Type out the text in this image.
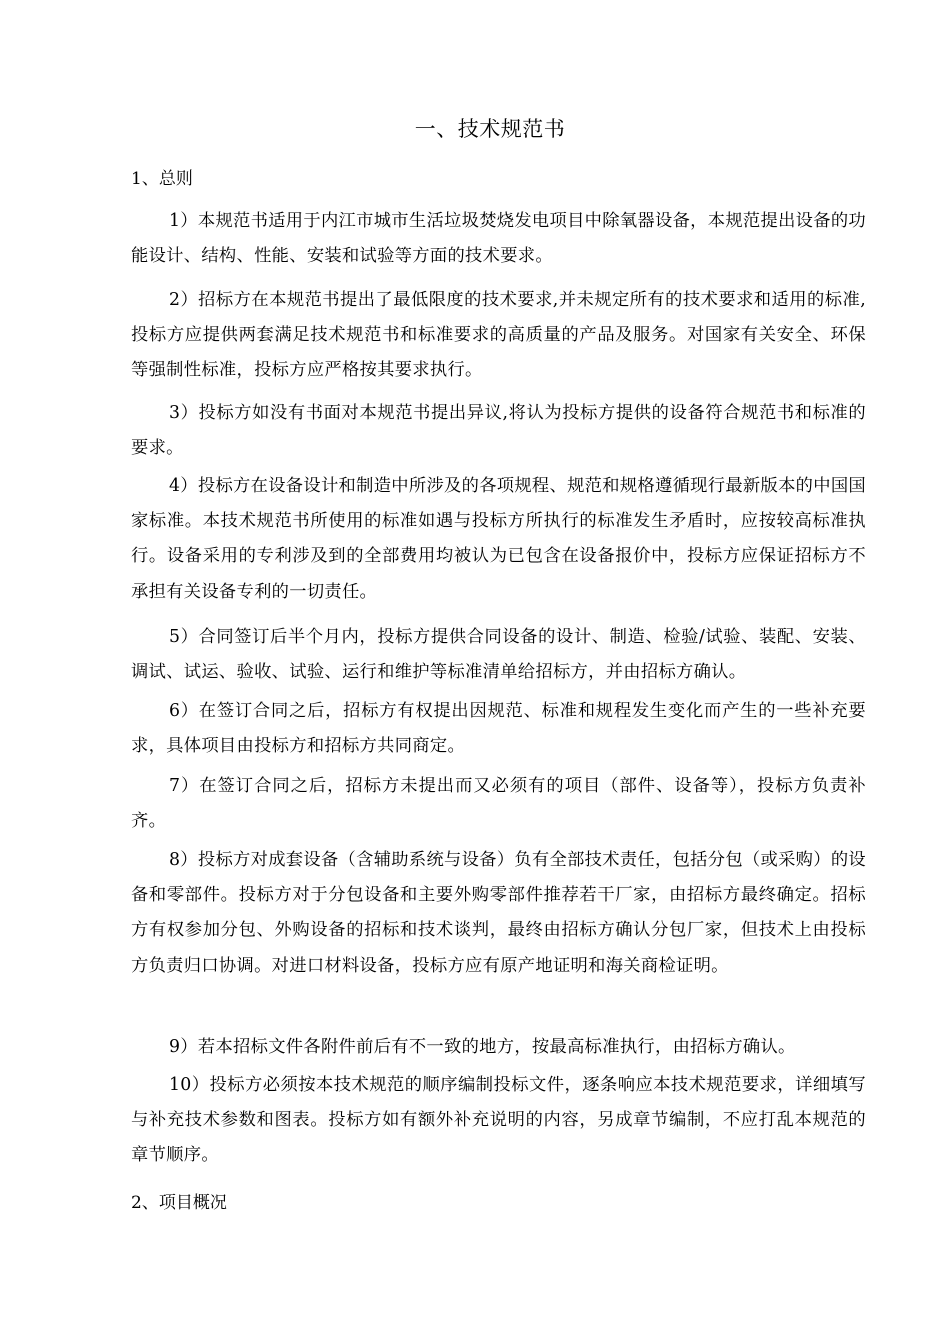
一、技术规范书
1、总则

1）本规范书适用于内江市城市生活垃圾焚烧发电项目中除氧器设备，本规范提出设备的功能设计、结构、性能、安装和试验等方面的技术要求。

2）招标方在本规范书提出了最低限度的技术要求,并未规定所有的技术要求和适用的标准,投标方应提供两套满足技术规范书和标准要求的高质量的产品及服务。对国家有关安全、环保等强制性标准，投标方应严格按其要求执行。

3）投标方如没有书面对本规范书提出异议,将认为投标方提供的设备符合规范书和标准的要求。

4）投标方在设备设计和制造中所涉及的各项规程、规范和规格遵循现行最新版本的中国国家标准。本技术规范书所使用的标准如遇与投标方所执行的标准发生矛盾时，应按较高标准执行。设备采用的专利涉及到的全部费用均被认为已包含在设备报价中，投标方应保证招标方不承担有关设备专利的一切责任。

5）合同签订后半个月内，投标方提供合同设备的设计、制造、检验/试验、装配、安装、调试、试运、验收、试验、运行和维护等标准清单给招标方，并由招标方确认。

6）在签订合同之后，招标方有权提出因规范、标准和规程发生变化而产生的一些补充要求，具体项目由投标方和招标方共同商定。

7）在签订合同之后，招标方未提出而又必须有的项目（部件、设备等），投标方负责补齐。

8）投标方对成套设备（含辅助系统与设备）负有全部技术责任，包括分包（或采购）的设备和零部件。投标方对于分包设备和主要外购零部件推荐若干厂家，由招标方最终确定。招标方有权参加分包、外购设备的招标和技术谈判，最终由招标方确认分包厂家，但技术上由投标方负责归口协调。对进口材料设备，投标方应有原产地证明和海关商检证明。

9）若本招标文件各附件前后有不一致的地方，按最高标准执行，由招标方确认。

10）投标方必须按本技术规范的顺序编制投标文件，逐条响应本技术规范要求，详细填写与补充技术参数和图表。投标方如有额外补充说明的内容，另成章节编制，不应打乱本规范的章节顺序。

2、项目概况
